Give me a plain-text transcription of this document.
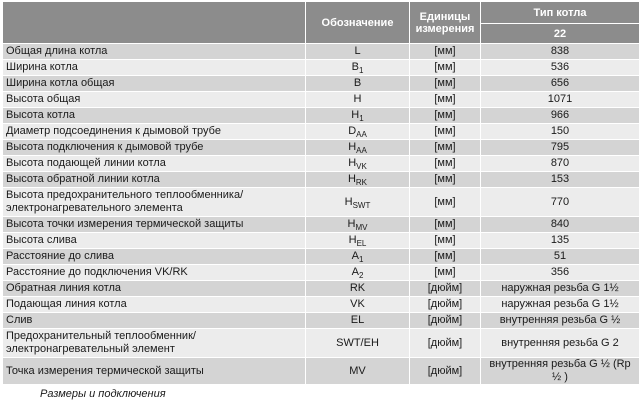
	Обозначение	Единицы измерения	Тип котла
			22
Общая длина котла	L	[мм]	838
Ширина котла	$B_1$	[мм]	536
Ширина котла общая	B	[мм]	656
Высота общая	H	[мм]	1071
Высота котла	$H_1$	[мм]	966
Диаметр подсоединения к дымовой трубе	$D_{AA}$	[мм]	150
Высота подключения к дымовой трубе	$H_{AA}$	[мм]	795
Высота подающей линии котла	$H_{VK}$	[мм]	870
Высота обратной линии котла	$H_{RK}$	[мм]	153
Высота предохранительного теплообменника/ электронагревательного элемента	$H_{SWT}$	[мм]	770
Высота точки измерения термической защиты	$H_{MV}$	[мм]	840
Высота слива	$H_{EL}$	[мм]	135
Расстояние до слива	$A_1$	[мм]	51
Расстояние до подключения VK/RK	$A_2$	[мм]	356
Обратная линия котла	RK	[дюйм]	наружная резьба G 1½
Подающая линия котла	VK	[дюйм]	наружная резьба G 1½
Слив	EL	[дюйм]	внутренняя резьба G ½
Предохранительный теплообменник/электронагревательный элемент	SWT/EH	[дюйм]	внутренняя резьба G 2
Точка измерения термической защиты	MV	[дюйм]	внутренняя резьба G ½ (Rp ½ )
Размеры и подключения
